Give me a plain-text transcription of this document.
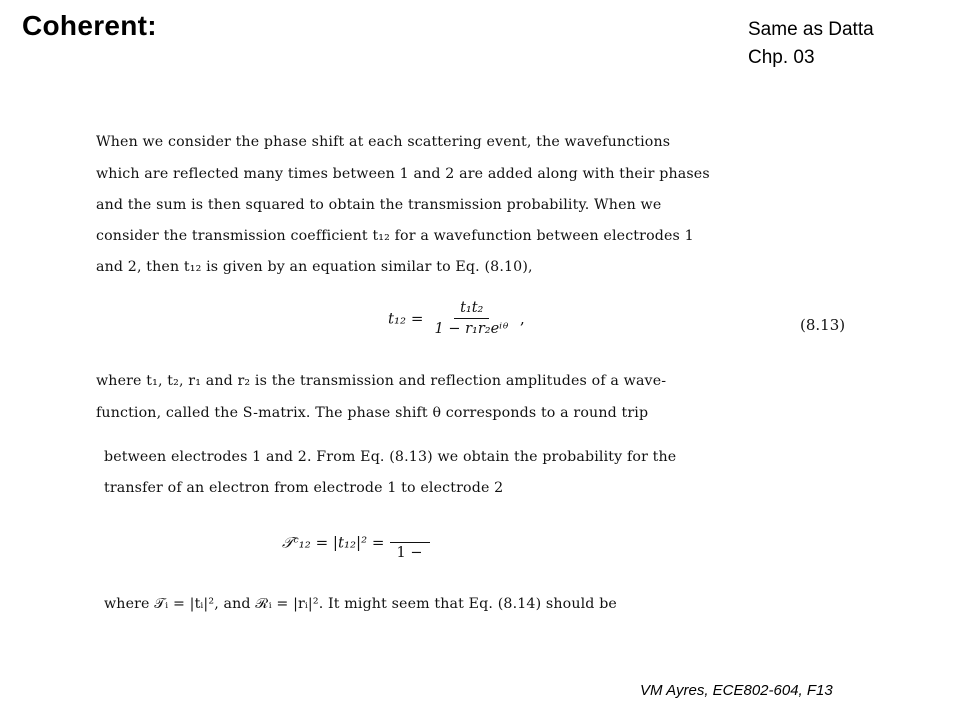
Coherent:	Same as Datta
Chp. 03
When we consider the phase shift at each scattering event, the wavefunctions
which are reflected many times between 1 and 2 are added along with their phases
and the sum is then squared to obtain the transmission probability. When we
consider the transmission coefficient t₁₂ for a wavefunction between electrodes 1
and 2, then t₁₂ is given by an equation similar to Eq. (8.10),
$t_{12} = \frac{\text{t₁t₂}}{\text{1 − r₁r₂eⁱᶿ}}$ ,	(8.13)
where t₁, t₂, r₁ and r₂ is the transmission and reflection amplitudes of a wave-
function, called the S-matrix. The phase shift θ corresponds to a round trip
between electrodes 1 and 2. From Eq. (8.13) we obtain the probability for the
transfer of an electron from electrode 1 to electrode 2
𝒯ᶜ₁₂ = |t₁₂|² =
1 −
where 𝒯ᵢ = |tᵢ|², and ℛᵢ = |rᵢ|². It might seem that Eq. (8.14) should be
VM Ayres, ECE802-604, F13
